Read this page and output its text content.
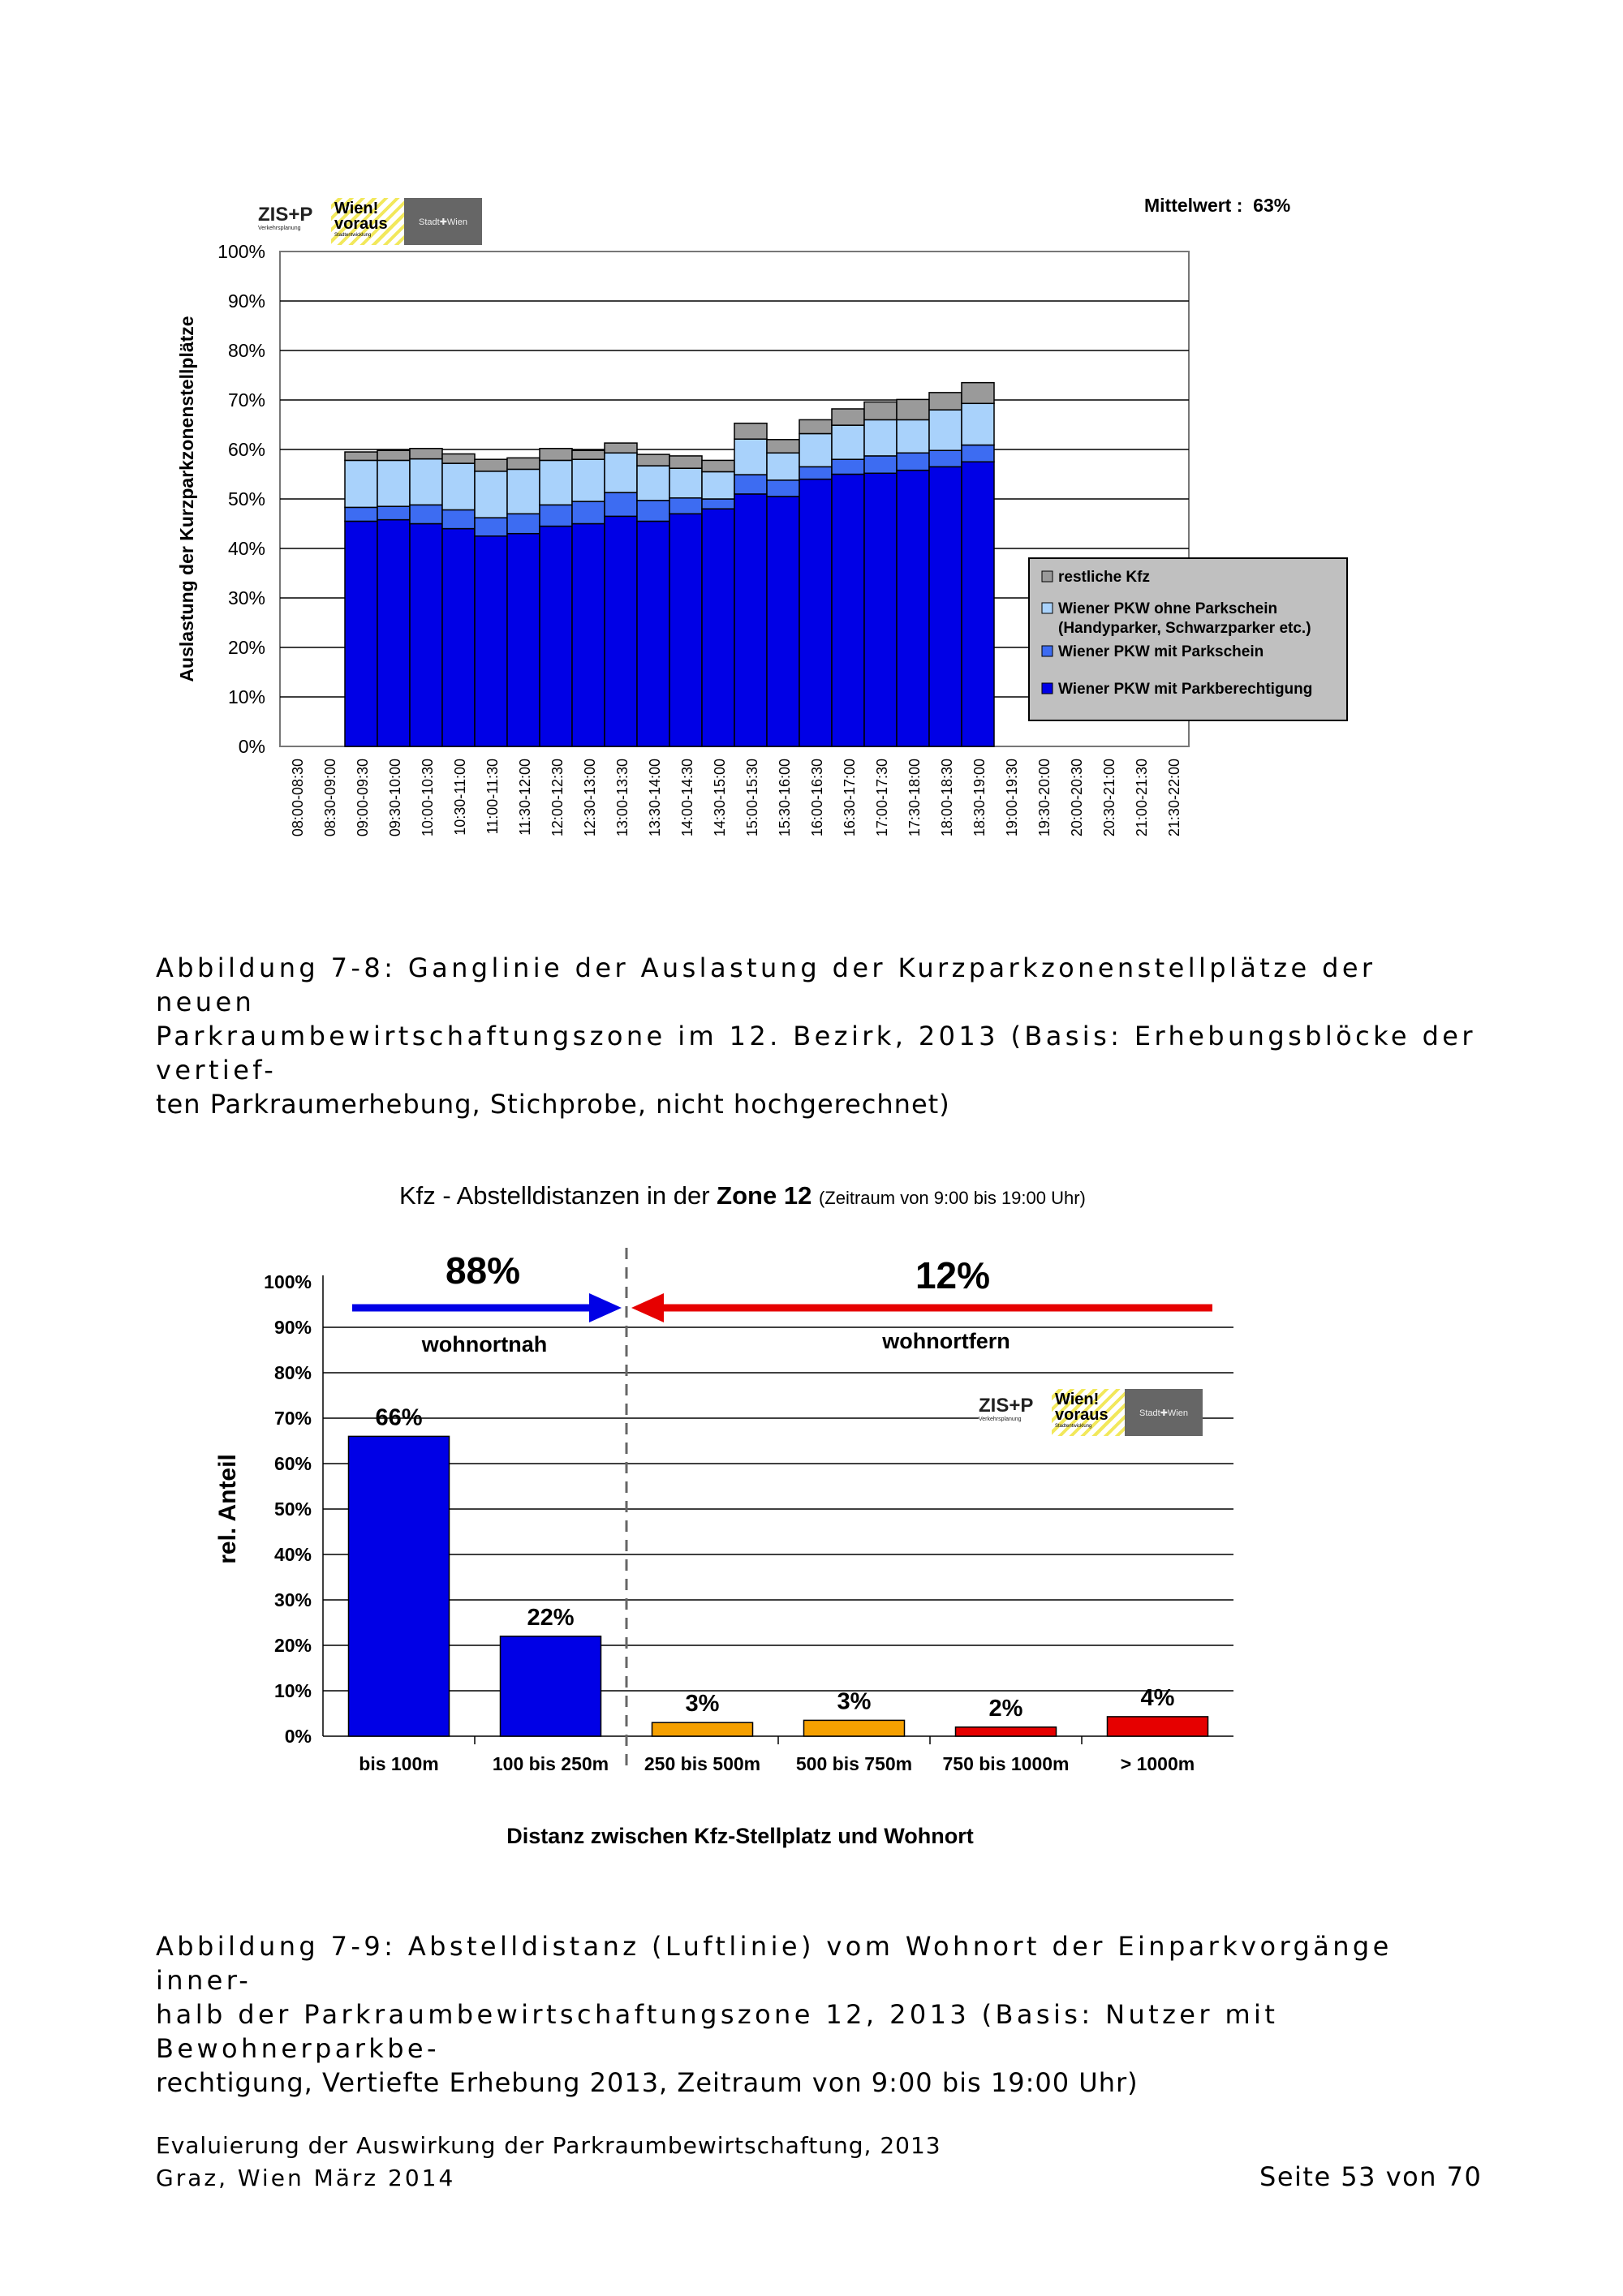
ZIS+P
Verkehrsplanung
Wien!
voraus
Stadtentwicklung
Stadt✚Wien
Mittelwert : 63%
0%
10%
20%
30%
40%
50%
60%
70%
80%
90%
100%
Auslastung der Kurzparkzonenstellplätze
08:00-08:30 08:30-09:00 09:00-09:30 09:30-10:00 10:00-10:30 10:30-11:00 11:00-11:30 11:30-12:00 12:00-12:30 12:30-13:00 13:00-13:30 13:30-14:00 14:00-14:30 14:30-15:00 15:00-15:30 15:30-16:00 16:00-16:30 16:30-17:00 17:00-17:30 17:30-18:00 18:00-18:30 18:30-19:00 19:00-19:30 19:30-20:00 20:00-20:30 20:30-21:00 21:00-21:30 21:30-22:00
restliche Kfz
Wiener PKW ohne Parkschein
(Handyparker, Schwarzparker etc.)
Wiener PKW mit Parkschein
Wiener PKW mit Parkberechtigung
Abbildung 7-8: Ganglinie der Auslastung der Kurzparkzonenstellplätze der neuen
Parkraumbewirtschaftungszone im 12. Bezirk, 2013 (Basis: Erhebungsblöcke der vertief-
ten Parkraumerhebung, Stichprobe, nicht hochgerechnet)
Kfz - Abstelldistanzen in der Zone 12 (Zeitraum von 9:00 bis 19:00 Uhr)
0%
10%
20%
30%
40%
50%
60%
70%
80%
90%
100%
rel. Anteil
66%
bis 100m
22%
100 bis 250m
3%
250 bis 500m
3%
500 bis 750m
2%
750 bis 1000m
4%
> 1000m
Distanz zwischen Kfz-Stellplatz und Wohnort
88%
wohnortnah
12%
wohnortfern
ZIS+P
Verkehrsplanung
Wien!
voraus
Stadtentwicklung
Stadt✚Wien
Abbildung 7-9: Abstelldistanz (Luftlinie) vom Wohnort der Einparkvorgänge inner-
halb der Parkraumbewirtschaftungszone 12, 2013 (Basis: Nutzer mit Bewohnerparkbe-
rechtigung, Vertiefte Erhebung 2013, Zeitraum von 9:00 bis 19:00 Uhr)
Evaluierung der Auswirkung der Parkraumbewirtschaftung, 2013
Graz, Wien März 2014	Seite 53 von 70
